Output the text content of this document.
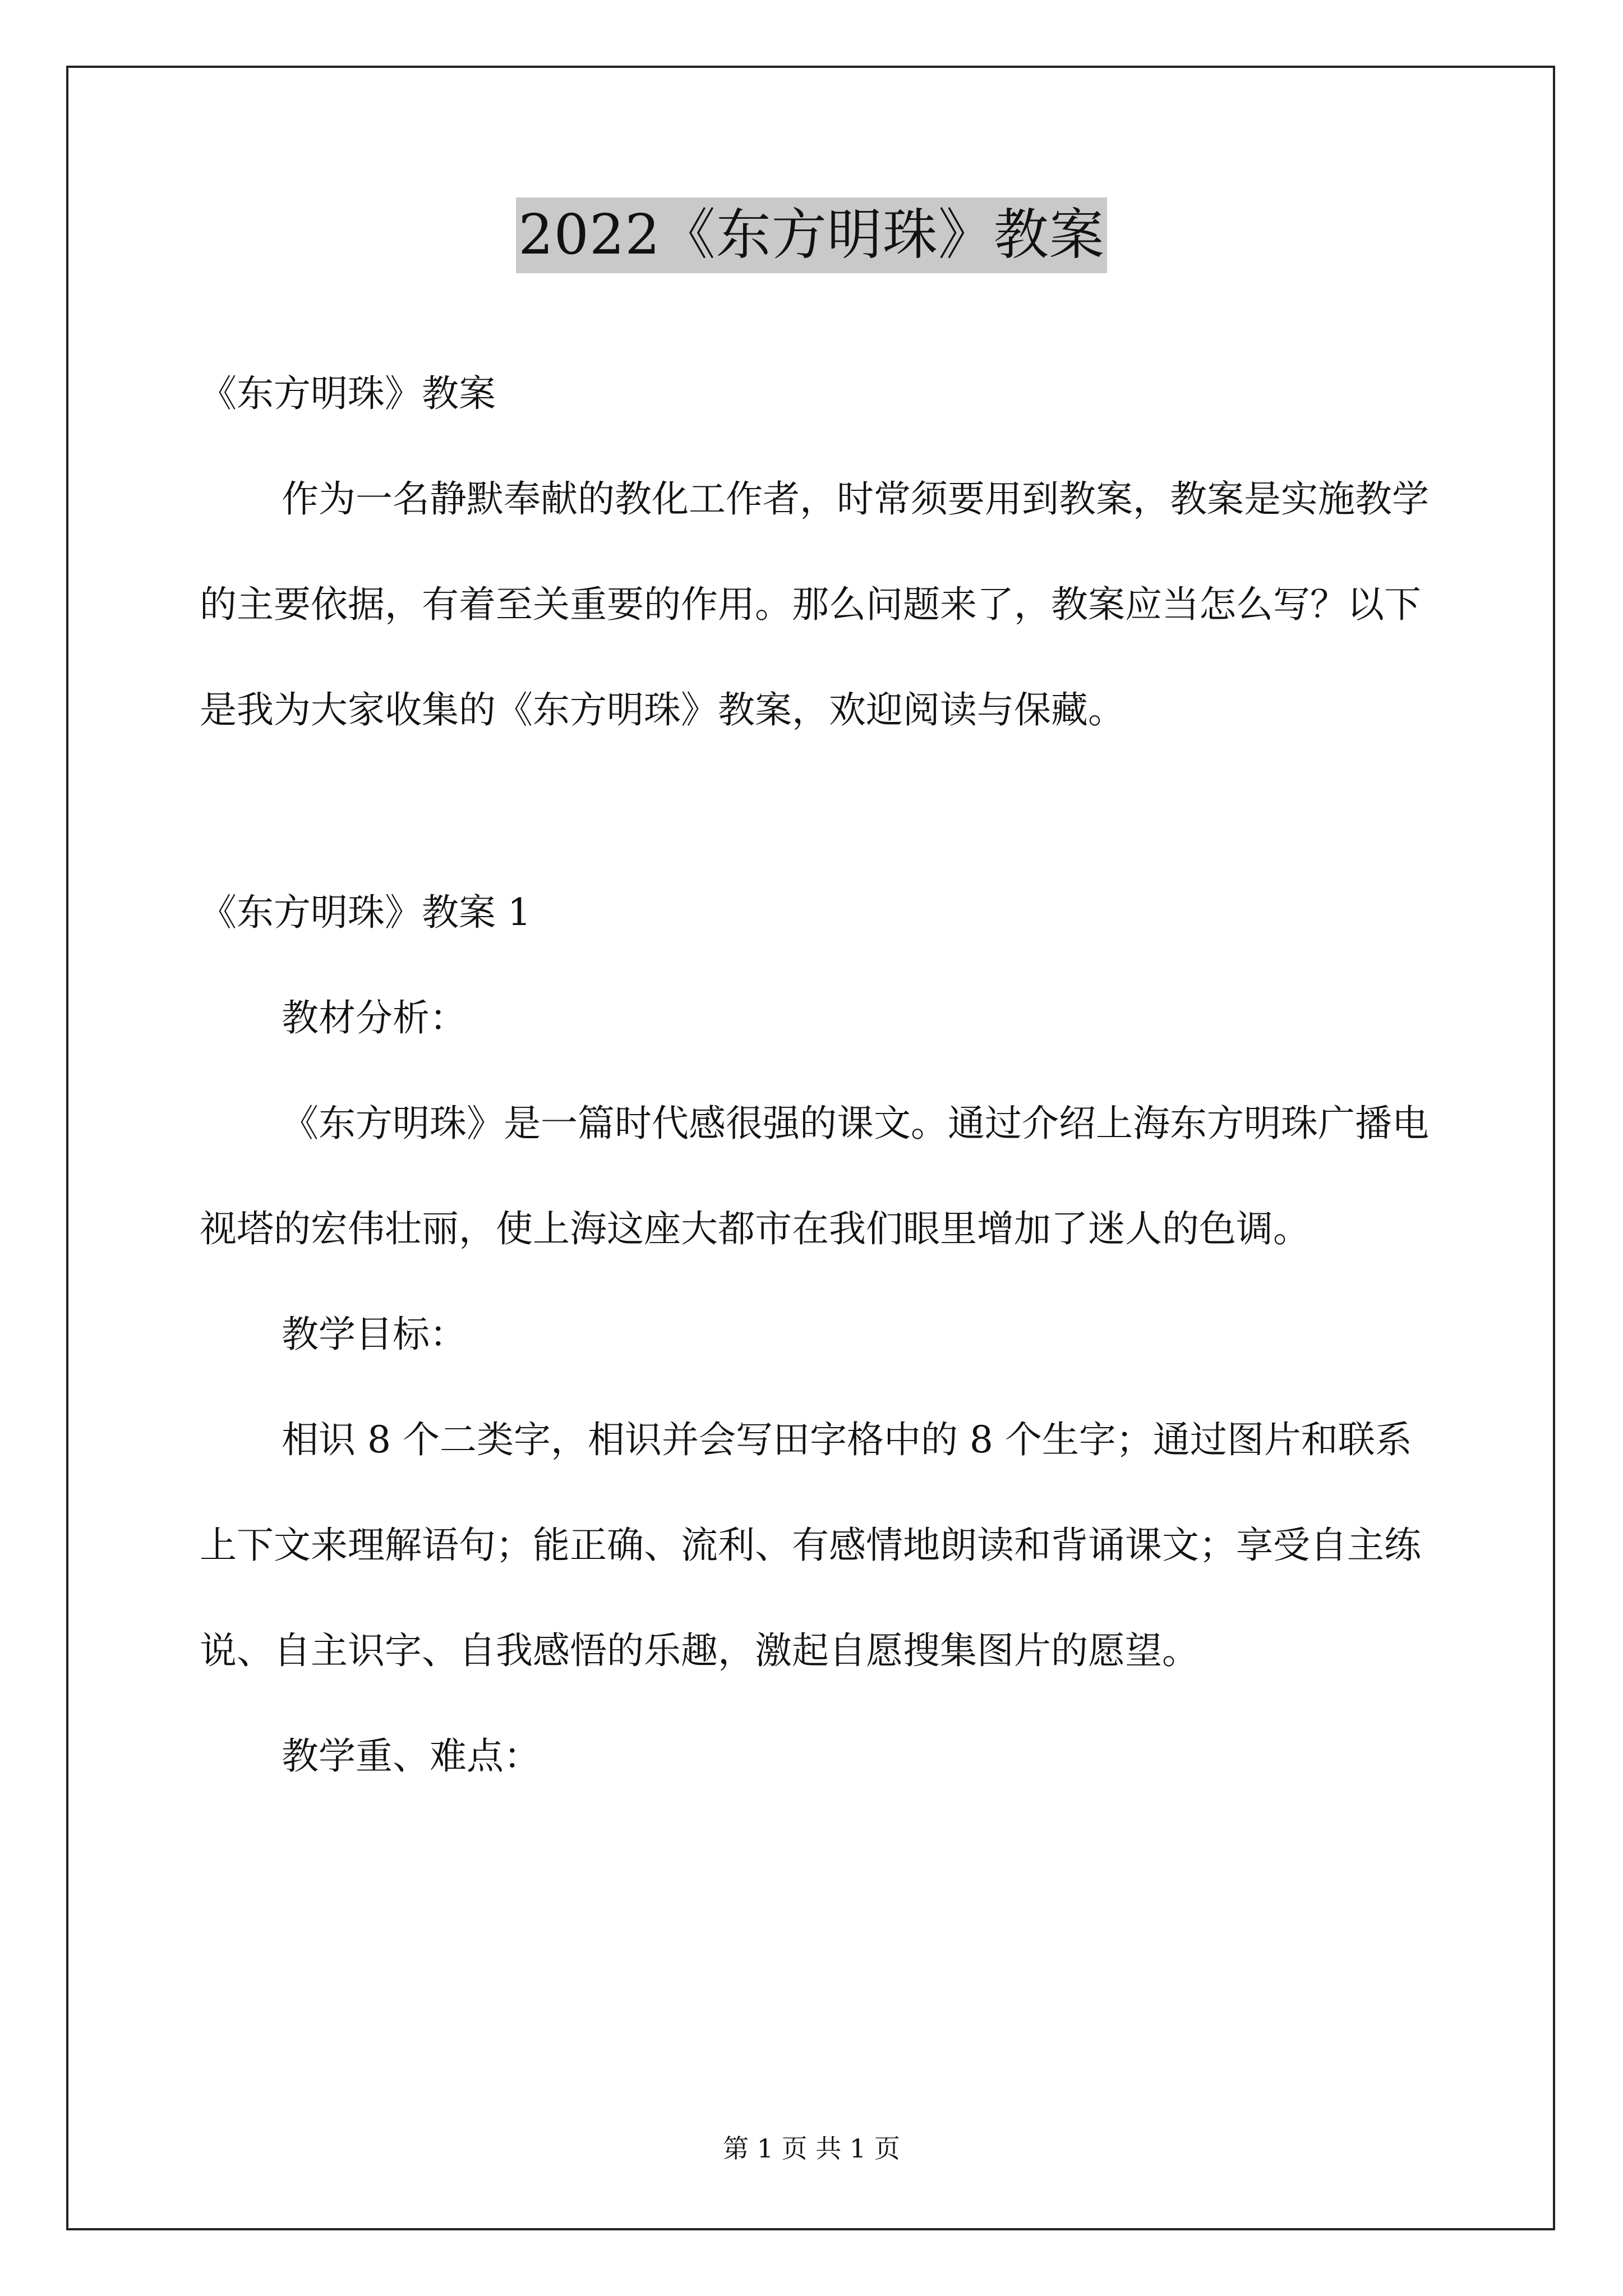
2022《东方明珠》教案

《东方明珠》教案

作为一名静默奉献的教化工作者，时常须要用到教案，教案是实施教学的主要依据，有着至关重要的作用。那么问题来了，教案应当怎么写？以下是我为大家收集的《东方明珠》教案，欢迎阅读与保藏。

《东方明珠》教案 1

教材分析：

《东方明珠》是一篇时代感很强的课文。通过介绍上海东方明珠广播电视塔的宏伟壮丽，使上海这座大都市在我们眼里增加了迷人的色调。

教学目标：

相识 8 个二类字，相识并会写田字格中的 8 个生字；通过图片和联系上下文来理解语句；能正确、流利、有感情地朗读和背诵课文；享受自主练说、自主识字、自我感悟的乐趣，激起自愿搜集图片的愿望。

教学重、难点：

第 1 页 共 1 页
